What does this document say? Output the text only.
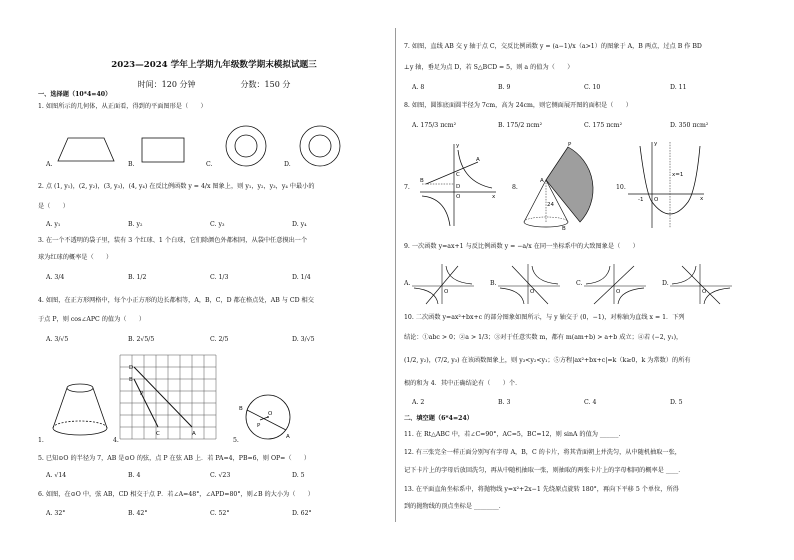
2023—2024 学年上学期九年级数学期末模拟试题三
时间：120 分钟	分数：150 分
一、选择题（10*4=40）
1. 如图所示的几何体，从正面看，得到的平面图形是（　　）
A.	B.	C.	D.
2. 点 (1, y₁)，(2, y₂)，(3, y₃)，(4, y₄) 在反比例函数 y = 4/x 图象上，则 y₁，y₂，y₃，y₄ 中最小的
是（　　）
A. y₁	B. y₂	C. y₃	D. y₄
3. 在一个不透明的袋子里，装有 3 个红球、1 个白球，它们除颜色外都相同，从袋中任意摸出一个
球为红球的概率是（　　）
A. 3/4	B. 1/2	C. 1/3	D. 1/4
4. 如图，在正方形网格中，每个小正方形的边长都相等，A，B，C，D 都在格点处，AB 与 CD 相交
于点 P，则 cos∠APC 的值为（　　）
A. 3/√5	B. 2√5/5	C. 2/5	D. 3/√5
1.	4.
D
B
P
C	A
5.
B
O
P
A
5. 已知⊙O 的半径为 7，AB 是⊙O 的弦，点 P 在弦 AB 上．若 PA=4，PB=6，则 OP=（　　）
A. √14	B. 4	C. √23	D. 5
6. 如图，在⊙O 中，弦 AB，CD 相交于点 P．若∠A=48°，∠APD=80°，则∠B 的大小为（　　）
A. 32°	B. 42°	C. 52°	D. 62°
7. 如图，直线 AB 交 y 轴于点 C，交反比例函数 y = (a−1)/x（a>1）的图象于 A，B 两点，过点 B 作 BD
⊥y 轴，垂足为点 D，若 S△BCD = 5，则 a 的值为（　　）
A. 8	B. 9	C. 10	D. 11
8. 如图，圆锥底面圆半径为 7cm，高为 24cm，则它侧面展开图的面积是（　　）
A. 175/3 πcm²	B. 175/2 πcm²	C. 175 πcm²	D. 350 πcm²
7.
y
x
O
A
B
C
D	8.
A
P
24
B
10.
y
x
x=1
-1 O
9. 一次函数 y=ax+1 与反比例函数 y = −a/x 在同一坐标系中的大致图象是（　　）
A.
O
B.
O
C.
O
D.
O
10. 二次函数 y=ax²+bx+c 的部分图象如图所示，与 y 轴交于 (0，−1)，对称轴为直线 x = 1．下列
结论：①abc > 0；②a > 1/3；③对于任意实数 m，都有 m(am+b) > a+b 成立；④若 (−2, y₁)，
(1/2, y₂)，(7/2, y₃) 在该函数图象上，则 y₃<y₂<y₁；⑤方程|ax²+bx+c|=k（k≥0，k 为常数）的所有
根的和为 4．其中正确结论有（　　）个．
A. 2	B. 3	C. 4	D. 5
二、填空题（6*4=24）
11. 在 Rt△ABC 中，若∠C=90°，AC=5，BC=12，则 sinA 的值为 ______．
12. 有三张完全一样正面分别写有字母 A，B，C 的卡片，将其背面朝上并洗匀，从中随机抽取一张，
记下卡片上的字母后放回洗匀，再从中随机抽取一张，则抽取的两张卡片上的字母相同的概率是 ____．
13. 在平面直角坐标系中，将抛物线 y=x²+2x−1 先绕原点旋转 180°，再向下平移 5 个单位，所得
到的抛物线的顶点坐标是 ________．
